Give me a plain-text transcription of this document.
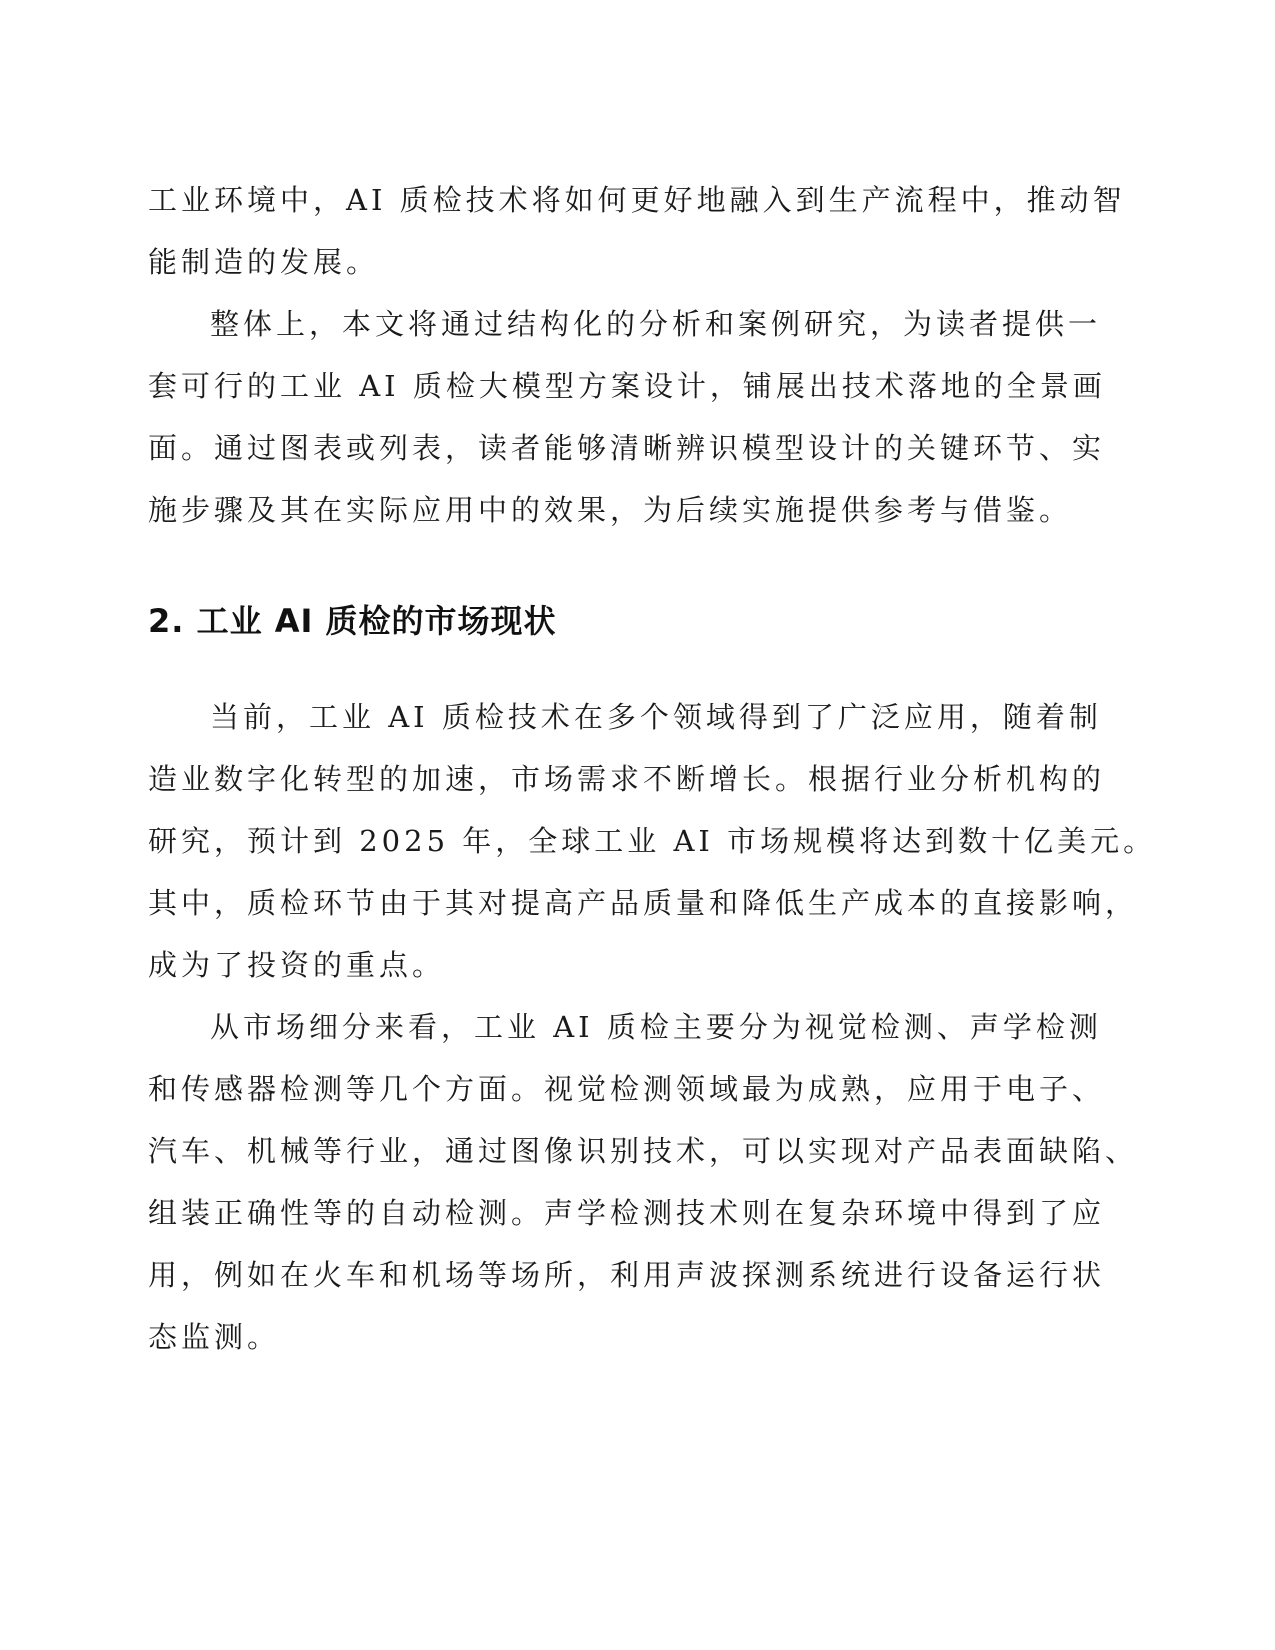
工业环境中，AI 质检技术将如何更好地融入到生产流程中，推动智
能制造的发展。
整体上，本文将通过结构化的分析和案例研究，为读者提供一
套可行的工业 AI 质检大模型方案设计，铺展出技术落地的全景画
面。通过图表或列表，读者能够清晰辨识模型设计的关键环节、实
施步骤及其在实际应用中的效果，为后续实施提供参考与借鉴。
2. 工业 AI 质检的市场现状
当前，工业 AI 质检技术在多个领域得到了广泛应用，随着制
造业数字化转型的加速，市场需求不断增长。根据行业分析机构的
研究，预计到 2025 年，全球工业 AI 市场规模将达到数十亿美元。
其中，质检环节由于其对提高产品质量和降低生产成本的直接影响，
成为了投资的重点。
从市场细分来看，工业 AI 质检主要分为视觉检测、声学检测
和传感器检测等几个方面。视觉检测领域最为成熟，应用于电子、
汽车、机械等行业，通过图像识别技术，可以实现对产品表面缺陷、
组装正确性等的自动检测。声学检测技术则在复杂环境中得到了应
用，例如在火车和机场等场所，利用声波探测系统进行设备运行状
态监测。
